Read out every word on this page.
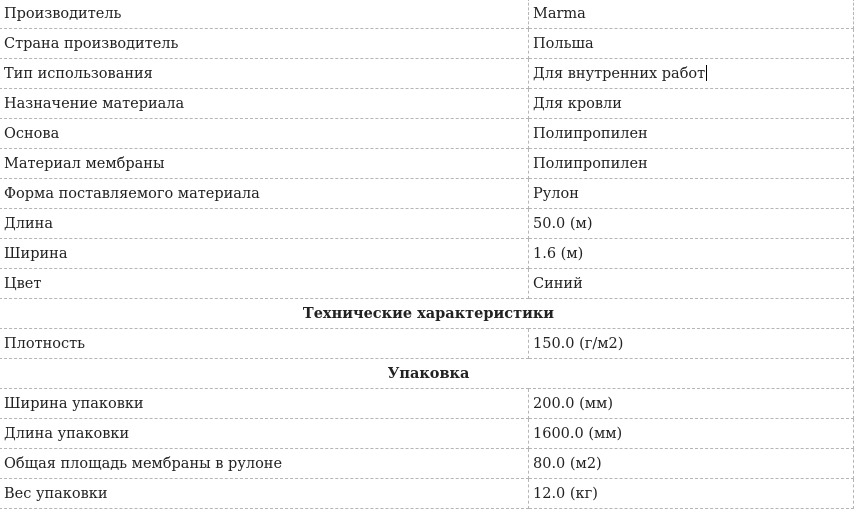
Производитель	Marma
Страна производитель	Польша
Тип использования	Для внутренних работ
Назначение материала	Для кровли
Основа	Полипропилен
Материал мембраны	Полипропилен
Форма поставляемого материала	Рулон
Длина	50.0 (м)
Ширина	1.6 (м)
Цвет	Синий
Технические характеристики	
Плотность	150.0 (г/м2)
Упаковка	
Ширина упаковки	200.0 (мм)
Длина упаковки	1600.0 (мм)
Общая площадь мембраны в рулоне	80.0 (м2)
Вес упаковки	12.0 (кг)
